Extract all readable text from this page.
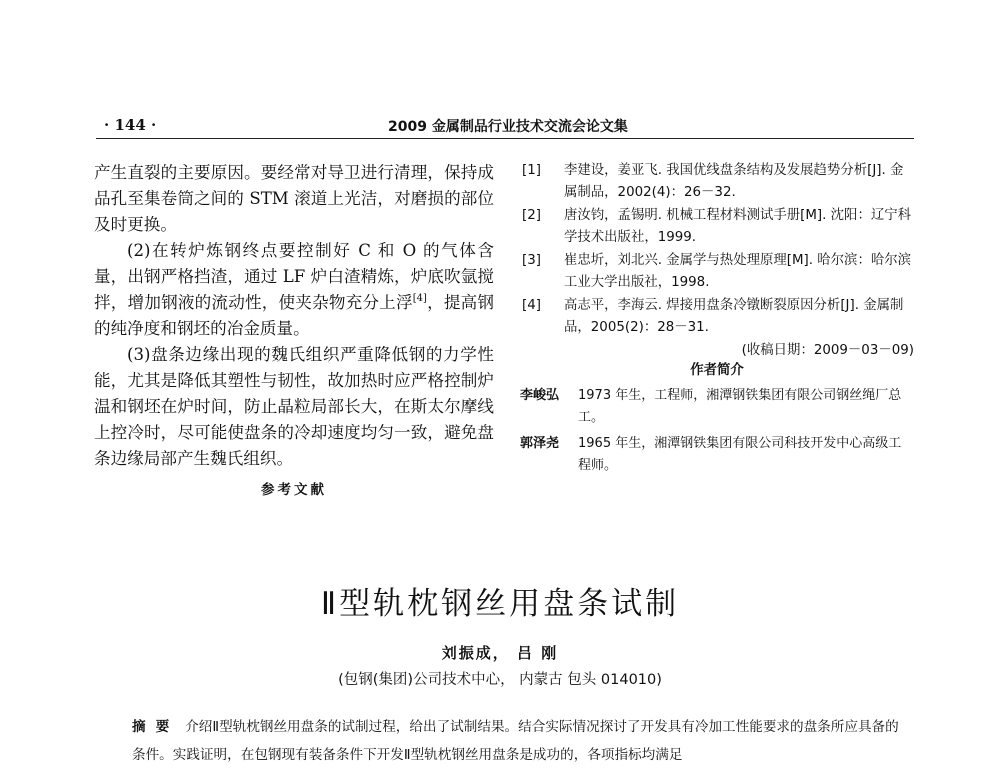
· 144 ·	2009 金属制品行业技术交流会论文集

产生直裂的主要原因。要经常对导卫进行清理，保持成品孔至集卷筒之间的 STM 滚道上光洁，对磨损的部位及时更换。

(2)在转炉炼钢终点要控制好 C 和 O 的气体含量，出钢严格挡渣，通过 LF 炉白渣精炼，炉底吹氩搅拌，增加钢液的流动性，使夹杂物充分上浮[4]，提高钢的纯净度和钢坯的冶金质量。

(3)盘条边缘出现的魏氏组织严重降低钢的力学性能，尤其是降低其塑性与韧性，故加热时应严格控制炉温和钢坯在炉时间，防止晶粒局部长大，在斯太尔摩线上控冷时，尽可能使盘条的冷却速度均匀一致，避免盘条边缘局部产生魏氏组织。

参考文献
[1] 李建设，姜亚飞. 我国优线盘条结构及发展趋势分析[J]. 金属制品，2002(4)：26－32.
[2] 唐汝钧，孟锡明. 机械工程材料测试手册[M]. 沈阳：辽宁科学技术出版社，1999.
[3] 崔忠圻，刘北兴. 金属学与热处理原理[M]. 哈尔滨：哈尔滨工业大学出版社，1998.
[4] 高志平，李海云. 焊接用盘条冷镦断裂原因分析[J]. 金属制品，2005(2)：28－31.
(收稿日期：2009－03－09)
作者简介
李峻弘 1973 年生，工程师，湘潭钢铁集团有限公司钢丝绳厂总工。
郭泽尧 1965 年生，湘潭钢铁集团有限公司科技开发中心高级工程师。
Ⅱ型轨枕钢丝用盘条试制
刘振成， 吕 刚
(包钢(集团)公司技术中心， 内蒙古 包头 014010)
摘要 介绍Ⅱ型轨枕钢丝用盘条的试制过程，给出了试制结果。结合实际情况探讨了开发具有冷加工性能要求的盘条所应具备的条件。实践证明，在包钢现有装备条件下开发Ⅱ型轨枕钢丝用盘条是成功的，各项指标均满足
